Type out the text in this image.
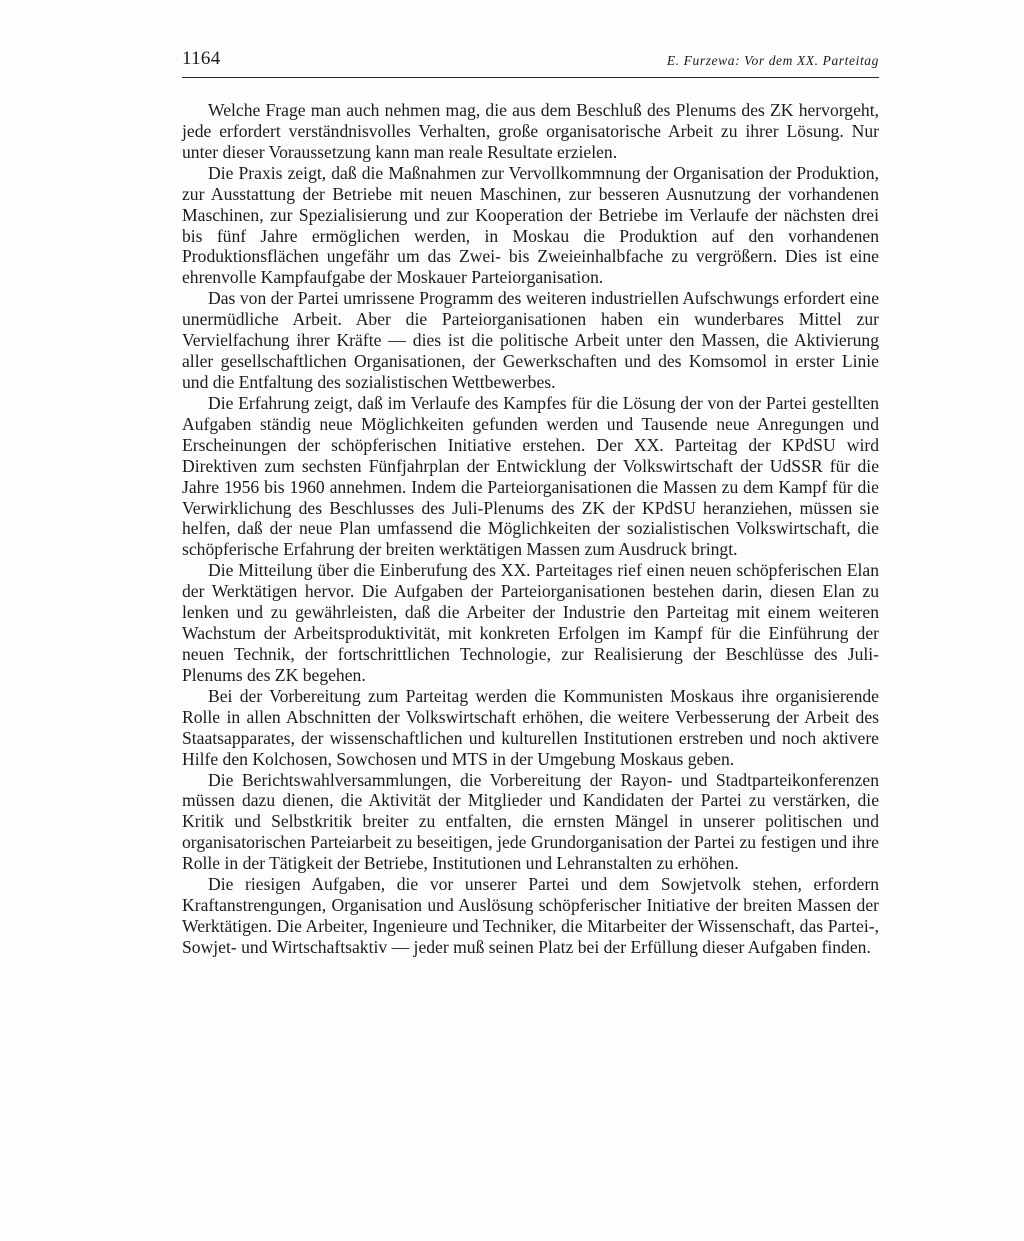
1164	E. Furzewa: Vor dem XX. Parteitag

Welche Frage man auch nehmen mag, die aus dem Beschluß des Plenums des ZK hervorgeht, jede erfordert verständnisvolles Verhalten, große organisatorische Arbeit zu ihrer Lösung. Nur unter dieser Voraussetzung kann man reale Resultate erzielen.

Die Praxis zeigt, daß die Maßnahmen zur Vervollkommnung der Organisation der Produktion, zur Ausstattung der Betriebe mit neuen Maschinen, zur besseren Ausnutzung der vorhandenen Maschinen, zur Spezialisierung und zur Kooperation der Betriebe im Verlaufe der nächsten drei bis fünf Jahre ermöglichen werden, in Moskau die Produktion auf den vorhandenen Produktionsflächen ungefähr um das Zwei- bis Zweieinhalbfache zu vergrößern. Dies ist eine ehrenvolle Kampfaufgabe der Moskauer Parteiorganisation.

Das von der Partei umrissene Programm des weiteren industriellen Aufschwungs erfordert eine unermüdliche Arbeit. Aber die Parteiorganisationen haben ein wunderbares Mittel zur Vervielfachung ihrer Kräfte — dies ist die politische Arbeit unter den Massen, die Aktivierung aller gesellschaftlichen Organisationen, der Gewerkschaften und des Komsomol in erster Linie und die Entfaltung des sozialistischen Wettbewerbes.

Die Erfahrung zeigt, daß im Verlaufe des Kampfes für die Lösung der von der Partei gestellten Aufgaben ständig neue Möglichkeiten gefunden werden und Tausende neue Anregungen und Erscheinungen der schöpferischen Initiative erstehen. Der XX. Parteitag der KPdSU wird Direktiven zum sechsten Fünfjahrplan der Entwicklung der Volkswirtschaft der UdSSR für die Jahre 1956 bis 1960 annehmen. Indem die Parteiorganisationen die Massen zu dem Kampf für die Verwirklichung des Beschlusses des Juli-Plenums des ZK der KPdSU heranziehen, müssen sie helfen, daß der neue Plan umfassend die Möglichkeiten der sozialistischen Volkswirtschaft, die schöpferische Erfahrung der breiten werktätigen Massen zum Ausdruck bringt.

Die Mitteilung über die Einberufung des XX. Parteitages rief einen neuen schöpferischen Elan der Werktätigen hervor. Die Aufgaben der Parteiorganisationen bestehen darin, diesen Elan zu lenken und zu gewährleisten, daß die Arbeiter der Industrie den Parteitag mit einem weiteren Wachstum der Arbeitsproduktivität, mit konkreten Erfolgen im Kampf für die Einführung der neuen Technik, der fortschrittlichen Technologie, zur Realisierung der Beschlüsse des Juli-Plenums des ZK begehen.

Bei der Vorbereitung zum Parteitag werden die Kommunisten Moskaus ihre organisierende Rolle in allen Abschnitten der Volkswirtschaft erhöhen, die weitere Verbesserung der Arbeit des Staatsapparates, der wissenschaftlichen und kulturellen Institutionen erstreben und noch aktivere Hilfe den Kolchosen, Sowchosen und MTS in der Umgebung Moskaus geben.

Die Berichtswahlversammlungen, die Vorbereitung der Rayon- und Stadtparteikonferenzen müssen dazu dienen, die Aktivität der Mitglieder und Kandidaten der Partei zu verstärken, die Kritik und Selbstkritik breiter zu entfalten, die ernsten Mängel in unserer politischen und organisatorischen Parteiarbeit zu beseitigen, jede Grundorganisation der Partei zu festigen und ihre Rolle in der Tätigkeit der Betriebe, Institutionen und Lehranstalten zu erhöhen.

Die riesigen Aufgaben, die vor unserer Partei und dem Sowjetvolk stehen, erfordern Kraftanstrengungen, Organisation und Auslösung schöpferischer Initiative der breiten Massen der Werktätigen. Die Arbeiter, Ingenieure und Techniker, die Mitarbeiter der Wissenschaft, das Partei-, Sowjet- und Wirtschaftsaktiv — jeder muß seinen Platz bei der Erfüllung dieser Aufgaben finden.
